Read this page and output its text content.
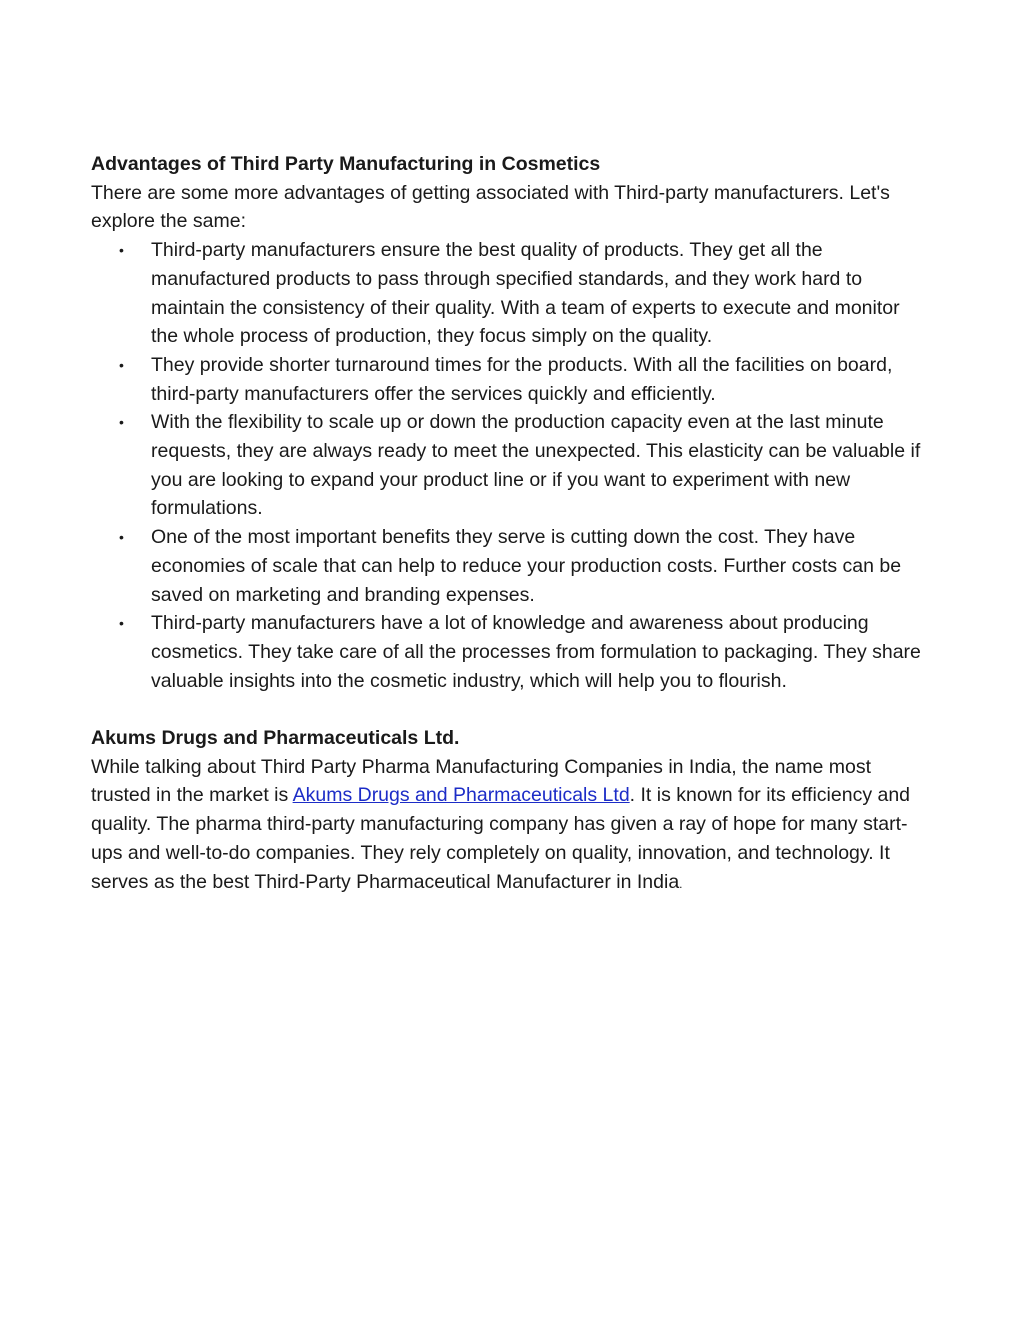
Advantages of Third Party Manufacturing in Cosmetics

There are some more advantages of getting associated with Third-party manufacturers. Let's explore the same:

• Third-party manufacturers ensure the best quality of products. They get all the manufactured products to pass through specified standards, and they work hard to maintain the consistency of their quality. With a team of experts to execute and monitor the whole process of production, they focus simply on the quality.
• They provide shorter turnaround times for the products. With all the facilities on board, third-party manufacturers offer the services quickly and efficiently.
• With the flexibility to scale up or down the production capacity even at the last minute requests, they are always ready to meet the unexpected. This elasticity can be valuable if you are looking to expand your product line or if you want to experiment with new formulations.
• One of the most important benefits they serve is cutting down the cost. They have economies of scale that can help to reduce your production costs. Further costs can be saved on marketing and branding expenses.
• Third-party manufacturers have a lot of knowledge and awareness about producing cosmetics. They take care of all the processes from formulation to packaging. They share valuable insights into the cosmetic industry, which will help you to flourish.

Akums Drugs and Pharmaceuticals Ltd.

While talking about Third Party Pharma Manufacturing Companies in India, the name most trusted in the market is Akums Drugs and Pharmaceuticals Ltd. It is known for its efficiency and quality. The pharma third-party manufacturing company has given a ray of hope for many start-ups and well-to-do companies. They rely completely on quality, innovation, and technology. It serves as the best Third-Party Pharmaceutical Manufacturer in India.
